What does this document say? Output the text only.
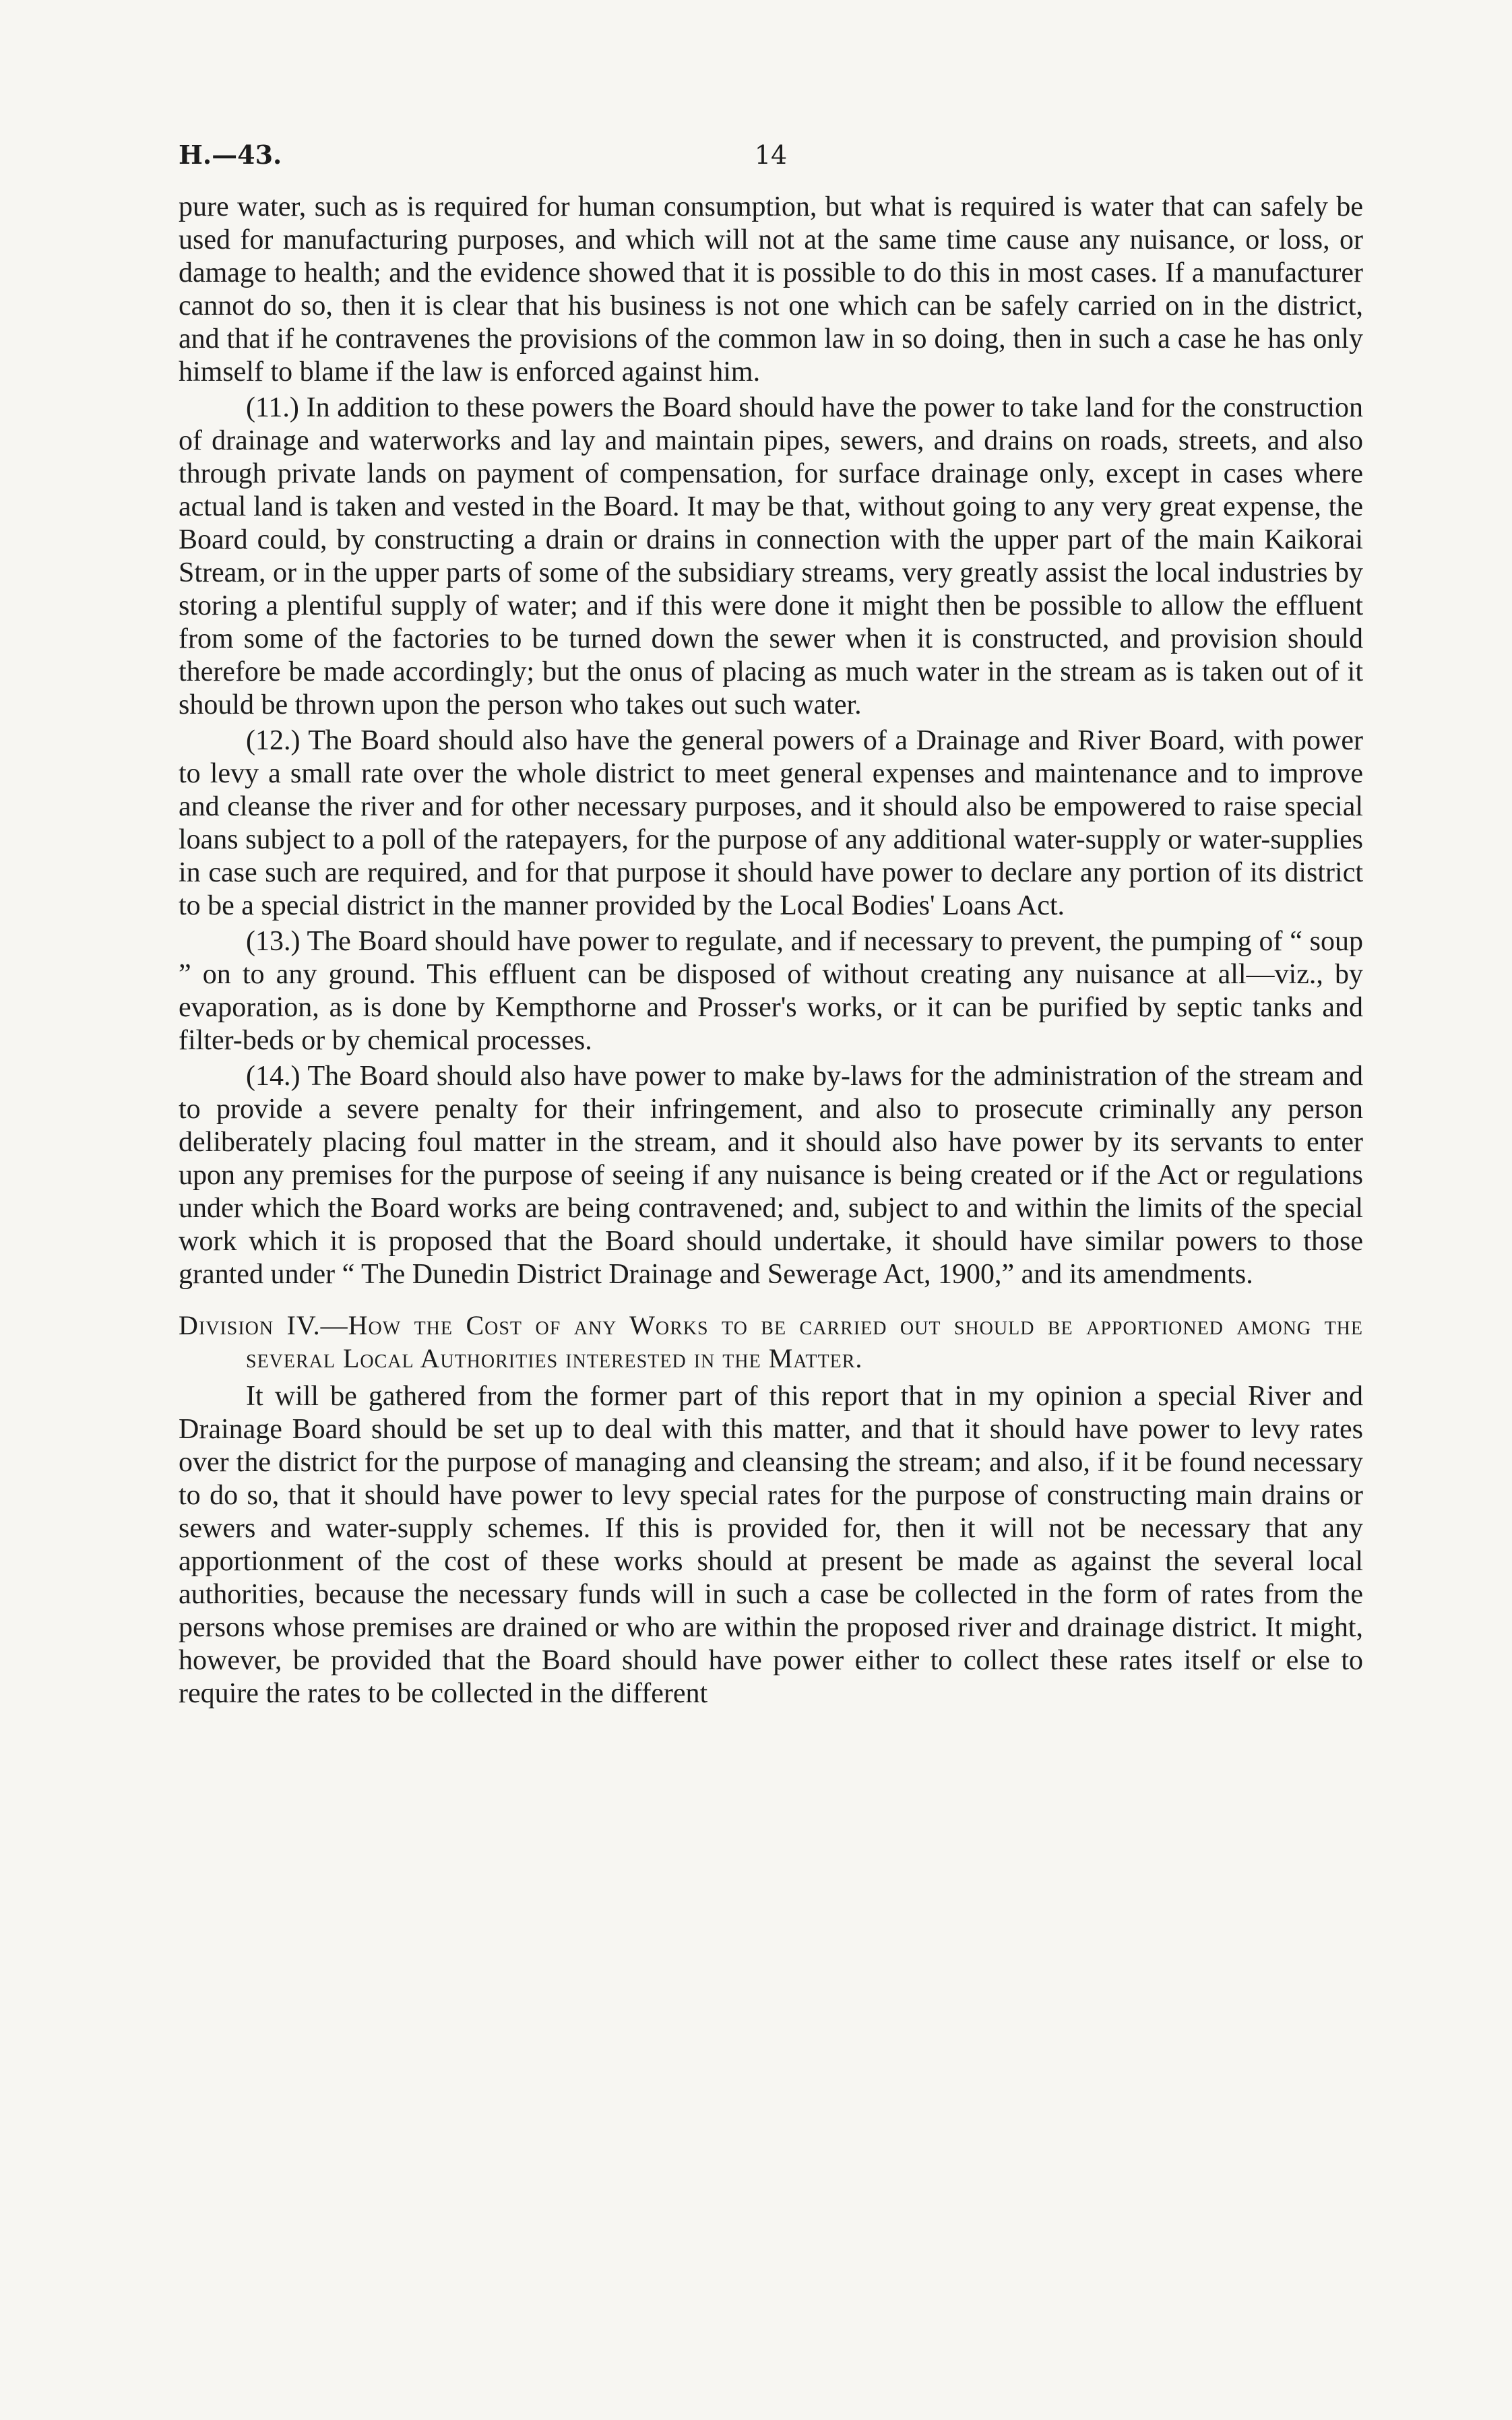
H.—43.	14

pure water, such as is required for human consumption, but what is required is water that can safely be used for manufacturing purposes, and which will not at the same time cause any nuisance, or loss, or damage to health; and the evidence showed that it is possible to do this in most cases. If a manufacturer cannot do so, then it is clear that his business is not one which can be safely carried on in the district, and that if he contravenes the provisions of the common law in so doing, then in such a case he has only himself to blame if the law is enforced against him.

(11.) In addition to these powers the Board should have the power to take land for the construction of drainage and waterworks and lay and maintain pipes, sewers, and drains on roads, streets, and also through private lands on payment of compensation, for surface drainage only, except in cases where actual land is taken and vested in the Board. It may be that, without going to any very great expense, the Board could, by constructing a drain or drains in connection with the upper part of the main Kaikorai Stream, or in the upper parts of some of the subsidiary streams, very greatly assist the local industries by storing a plentiful supply of water; and if this were done it might then be possible to allow the effluent from some of the factories to be turned down the sewer when it is constructed, and provision should therefore be made accordingly; but the onus of placing as much water in the stream as is taken out of it should be thrown upon the person who takes out such water.

(12.) The Board should also have the general powers of a Drainage and River Board, with power to levy a small rate over the whole district to meet general expenses and maintenance and to improve and cleanse the river and for other necessary purposes, and it should also be empowered to raise special loans subject to a poll of the ratepayers, for the purpose of any additional water-supply or water-supplies in case such are required, and for that purpose it should have power to declare any portion of its district to be a special district in the manner provided by the Local Bodies' Loans Act.

(13.) The Board should have power to regulate, and if necessary to prevent, the pumping of “ soup ” on to any ground. This effluent can be disposed of without creating any nuisance at all—viz., by evaporation, as is done by Kempthorne and Prosser's works, or it can be purified by septic tanks and filter-beds or by chemical processes.

(14.) The Board should also have power to make by-laws for the administration of the stream and to provide a severe penalty for their infringement, and also to prosecute criminally any person deliberately placing foul matter in the stream, and it should also have power by its servants to enter upon any premises for the purpose of seeing if any nuisance is being created or if the Act or regulations under which the Board works are being contravened; and, subject to and within the limits of the special work which it is proposed that the Board should undertake, it should have similar powers to those granted under “ The Dunedin District Drainage and Sewerage Act, 1900,” and its amendments.

Division IV.—How the Cost of any Works to be carried out should be apportioned among the several Local Authorities interested in the Matter.

It will be gathered from the former part of this report that in my opinion a special River and Drainage Board should be set up to deal with this matter, and that it should have power to levy rates over the district for the purpose of managing and cleansing the stream; and also, if it be found necessary to do so, that it should have power to levy special rates for the purpose of constructing main drains or sewers and water-supply schemes. If this is provided for, then it will not be necessary that any apportionment of the cost of these works should at present be made as against the several local authorities, because the necessary funds will in such a case be collected in the form of rates from the persons whose premises are drained or who are within the proposed river and drainage district. It might, however, be provided that the Board should have power either to collect these rates itself or else to require the rates to be collected in the different
